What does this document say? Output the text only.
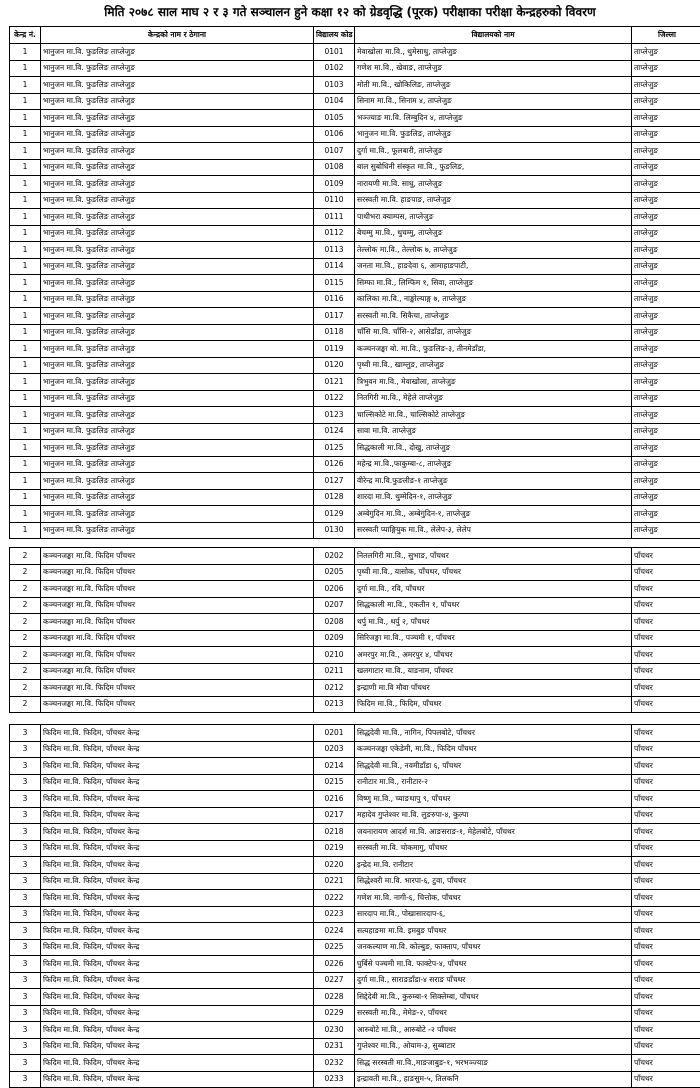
मिति २०७८ साल माघ २ र ३ गते सञ्चालन हुने कक्षा १२ को ग्रेडवृद्धि (पूरक) परीक्षाका परीक्षा केन्द्रहरुको विवरण
केन्द्र नं.	केन्द्रको नाम र ठेगाना	विद्यालय कोड	विद्यालयको नाम	जिल्ला
1	भानुजन मा.वि. फुङलिङ ताप्लेजुङ	0101	मेवाखोला मा.वि., थुमेसाधु, ताप्लेजुङ	ताप्लेजुङ
1	भानुजन मा.वि. फुङलिङ ताप्लेजुङ	0102	गणेश मा.वि., खेवाङ, ताप्लेजुङ	ताप्लेजुङ
1	भानुजन मा.वि. फुङलिङ ताप्लेजुङ	0103	मोती मा.वि., खोकिलिङ, ताप्लेजुङ	ताप्लेजुङ
1	भानुजन मा.वि. फुङलिङ ताप्लेजुङ	0104	सिनाम मा.वि., सिनाम ४, ताप्लेजुङ	ताप्लेजुङ
1	भानुजन मा.वि. फुङलिङ ताप्लेजुङ	0105	भञ्ज्याङ मा.वि. लिम्बुदिन ४, ताप्लेजुङ	ताप्लेजुङ
1	भानुजन मा.वि. फुङलिङ ताप्लेजुङ	0106	भानुजन मा.वि. फुङलिङ, ताप्लेजुङ	ताप्लेजुङ
1	भानुजन मा.वि. फुङलिङ ताप्लेजुङ	0107	दुर्गा मा.वि., फूलबारी, ताप्लेजुङ	ताप्लेजुङ
1	भानुजन मा.वि. फुङलिङ ताप्लेजुङ	0108	बाल सुबोधिनी संस्कृत मा.वि., फुङलिङ,	ताप्लेजुङ
1	भानुजन मा.वि. फुङलिङ ताप्लेजुङ	0109	नारायणी मा.वि. साधु, ताप्लेजुङ	ताप्लेजुङ
1	भानुजन मा.वि. फुङलिङ ताप्लेजुङ	0110	सरस्वती मा.वि. हाङपाङ, ताप्लेजुङ	ताप्लेजुङ
1	भानुजन मा.वि. फुङलिङ ताप्लेजुङ	0111	पाथीभरा क्याम्पस, ताप्लेजुङ	ताप्लेजुङ
1	भानुजन मा.वि. फुङलिङ ताप्लेजुङ	0112	बेचम्मु मा.वि., थुचम्मु, ताप्लेजुङ	ताप्लेजुङ
1	भानुजन मा.वि. फुङलिङ ताप्लेजुङ	0113	तेल्लोक मा.वि., तेल्लोक ७, ताप्लेजुङ	ताप्लेजुङ
1	भानुजन मा.वि. फुङलिङ ताप्लेजुङ	0114	जनता मा.वि., हाङदेवा ६, आमाहाङपाटी,	ताप्लेजुङ
1	भानुजन मा.वि. फुङलिङ ताप्लेजुङ	0115	सिम्फा मा.वि., लिम्फिम १, सिवा, ताप्लेजुङ	ताप्लेजुङ
1	भानुजन मा.वि. फुङलिङ ताप्लेजुङ	0116	कालिका मा.वि., नाङ्खोल्याङ्ग ७, ताप्लेजुङ	ताप्लेजुङ
1	भानुजन मा.वि. फुङलिङ ताप्लेजुङ	0117	सरस्वती मा.वि. सिकैचा, ताप्लेजुङ	ताप्लेजुङ
1	भानुजन मा.वि. फुङलिङ ताप्लेजुङ	0118	चाँसि मा.वि. चाँसि-२, आसेडाँडा, ताप्लेजुङ	ताप्लेजुङ
1	भानुजन मा.वि. फुङलिङ ताप्लेजुङ	0119	कञ्चनजङ्घा बो. मा.वि., फुङलिङ-३, तीनमेडाँडा,	ताप्लेजुङ
1	भानुजन मा.वि. फुङलिङ ताप्लेजुङ	0120	पृथ्वी मा.वि., खाम्लुङ, ताप्लेजुङ	ताप्लेजुङ
1	भानुजन मा.वि. फुङलिङ ताप्लेजुङ	0121	त्रिभुवन मा.वि., मेवाखोला, ताप्लेजुङ	ताप्लेजुङ
1	भानुजन मा.वि. फुङलिङ ताप्लेजुङ	0122	नितगिरी मा.वि., मेहेले ताप्लेजुङ	ताप्लेजुङ
1	भानुजन मा.वि. फुङलिङ ताप्लेजुङ	0123	चाल्सिकोटे मा.वि., चाल्सिकोटे ताप्लेजुङ	ताप्लेजुङ
1	भानुजन मा.वि. फुङलिङ ताप्लेजुङ	0124	सावा मा.वि. ताप्लेजुङ	ताप्लेजुङ
1	भानुजन मा.वि. फुङलिङ ताप्लेजुङ	0125	सिद्धकाली मा.वि., दोखु, ताप्लेजुङ	ताप्लेजुङ
1	भानुजन मा.वि. फुङलिङ ताप्लेजुङ	0126	महेन्द्र मा.वि.,फाकुम्बा-८, ताप्लेजुङ	ताप्लेजुङ
1	भानुजन मा.वि. फुङलिङ ताप्लेजुङ	0127	वीरेन्द्र मा.वि.फुङलीङ-१ ताप्लेजुङ	ताप्लेजुङ
1	भानुजन मा.वि. फुङलिङ ताप्लेजुङ	0128	शारदा मा.वि. थुम्मेदिन-१, ताप्लेजुङ	ताप्लेजुङ
1	भानुजन मा.वि. फुङलिङ ताप्लेजुङ	0129	अम्बेगुदिन मा.वि., अम्बेगुदिन-१, ताप्लेजुङ	ताप्लेजुङ
1	भानुजन मा.वि. फुङलिङ ताप्लेजुङ	0130	सरस्वती प्याङ्गियुक मा.वि., लेलेप-३, लेलेप	ताप्लेजुङ

2	कञ्चनजङ्घा मा.वि. फिदिम पाँचथर	0202	नितलगिरी मा.वि., सुभाङ, पाँचथर	पाँचथर
2	कञ्चनजङ्घा मा.वि. फिदिम पाँचथर	0205	पृथ्वी मा.वि., यासोक, पाँचथर, पाँचथर	पाँचथर
2	कञ्चनजङ्घा मा.वि. फिदिम पाँचथर	0206	दुर्गा मा.वि., रवि, पाँचथर	पाँचथर
2	कञ्चनजङ्घा मा.वि. फिदिम पाँचथर	0207	सिद्धकाली मा.वि., एकतीन १, पाँचथर	पाँचथर
2	कञ्चनजङ्घा मा.वि. फिदिम पाँचथर	0208	थर्पु मा.वि., थर्पु २, पाँचथर	पाँचथर
2	कञ्चनजङ्घा मा.वि. फिदिम पाँचथर	0209	सिरिजङ्गा मा.वि., पञ्चमी १, पाँचथर	पाँचथर
2	कञ्चनजङ्घा मा.वि. फिदिम पाँचथर	0210	अमरपुर मा.वि., अमरपुर ४, पाँचथर	पाँचथर
2	कञ्चनजङ्घा मा.वि. फिदिम पाँचथर	0211	खलगाटार मा.वि., याङनाम, पाँचथर	पाँचथर
2	कञ्चनजङ्घा मा.वि. फिदिम पाँचथर	0212	इन्द्राणी मा.वि मौवा पाँचथर	पाँचथर
2	कञ्चनजङ्घा मा.वि. फिदिम पाँचथर	0213	फिदिम मा.वि., फिदिम, पाँचथर	पाँचथर

3	फिदिम मा.वि. फिदिम, पाँचथर केन्द्र	0201	सिद्धदेवी मा.वि., नागिन, पिपलबोटे, पाँचथर	पाँचथर
3	फिदिम मा.वि. फिदिम, पाँचथर केन्द्र	0203	कञ्चनजङ्घा एकेडेमी, मा.वि., फिदिम पाँचथर	पाँचथर
3	फिदिम मा.वि. फिदिम, पाँचथर केन्द्र	0214	सिद्धदेवी मा.वि., नवमीडाँडा ६, पाँचथर	पाँचथर
3	फिदिम मा.वि. फिदिम, पाँचथर केन्द्र	0215	रानीटार मा.वि., रानीटार-२	पाँचथर
3	फिदिम मा.वि. फिदिम, पाँचथर केन्द्र	0216	विष्णु मा.वि., च्याङथापु ९, पाँचथर	पाँचथर
3	फिदिम मा.वि. फिदिम, पाँचथर केन्द्र	0217	महादेव गुप्तेश्वर मा.वि. लुङरुपा-४, कुल्पा	पाँचथर
3	फिदिम मा.वि. फिदिम, पाँचथर केन्द्र	0218	जयनारायण आदर्श मा.वि. आङसराङ-१, मेहेलबोटे, पाँचथर	पाँचथर
3	फिदिम मा.वि. फिदिम, पाँचथर केन्द्र	0219	सरस्वती मा.वि. चोकमागु, पाँचथर	पाँचथर
3	फिदिम मा.वि. फिदिम, पाँचथर केन्द्र	0220	इन्द्रेद मा.वि. रानीटार	पाँचथर
3	फिदिम मा.वि. फिदिम, पाँचथर केन्द्र	0221	सिद्धेश्वरी मा.वि. भारपा-६, टुवा, पाँचथर	पाँचथर
3	फिदिम मा.वि. फिदिम, पाँचथर केन्द्र	0222	गणेश मा.वि. नागी-६, चित्तोक, पाँचथर	पाँचथर
3	फिदिम मा.वि. फिदिम, पाँचथर केन्द्र	0223	सारदाप मा.वि., पोखासारदाप-६,	पाँचथर
3	फिदिम मा.वि. फिदिम, पाँचथर केन्द्र	0224	सत्यहाङमा मा.वि. इमबुङ पाँचथर	पाँचथर
3	फिदिम मा.वि. फिदिम, पाँचथर केन्द्र	0225	जनकल्याण मा.वि. कोल्बुङ, फाक्ताप, पाँचथर	पाँचथर
3	फिदिम मा.वि. फिदिम, पाँचथर केन्द्र	0226	घुर्बिसे पञ्चमी मा.वि. फाक्टेप-४, पाँचथर	पाँचथर
3	फिदिम मा.वि. फिदिम, पाँचथर केन्द्र	0227	दुर्गा मा.वि., साराङडाँडा-४ सराङ पाँचथर	पाँचथर
3	फिदिम मा.वि. फिदिम, पाँचथर केन्द्र	0228	सिद्देदेवी मा.वि., कुरुम्बा-१ सिक्लेम्बा, पाँचथर	पाँचथर
3	फिदिम मा.वि. फिदिम, पाँचथर केन्द्र	0229	सरस्वती मा.वि., मेमेङ-२, पाँचथर	पाँचथर
3	फिदिम मा.वि. फिदिम, पाँचथर केन्द्र	0230	आरुबोटे मा.वि., आरुबोटे -२ पाँचथर	पाँचथर
3	फिदिम मा.वि. फिदिम, पाँचथर केन्द्र	0231	गुप्तेश्वर मा.वि., ओयाम-३, सुब्बाटार	पाँचथर
3	फिदिम मा.वि. फिदिम, पाँचथर केन्द्र	0232	सिद्ध सरस्वती मा.वि.,माङजाबुङ-१, भरभञ्ज्याङ	पाँचथर
3	फिदिम मा.वि. फिदिम, पाँचथर केन्द्र	0233	इन्द्रावती मा.वि., हाङसुम-५, तिलकनि	पाँचथर
